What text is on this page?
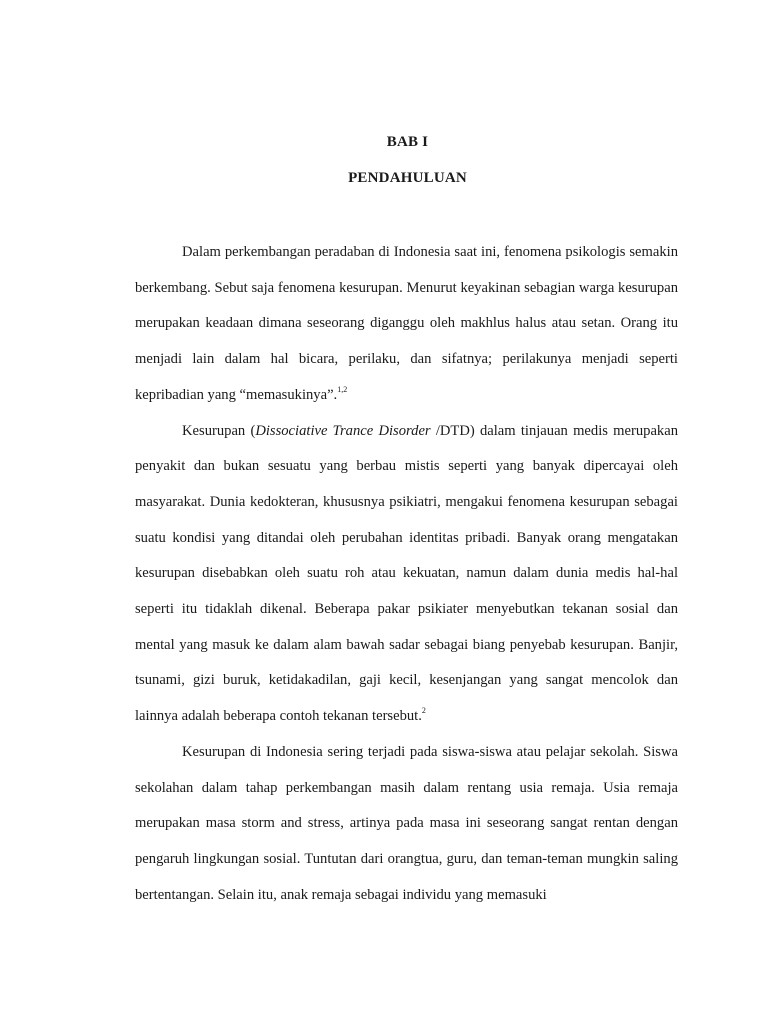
BAB I
PENDAHULUAN

Dalam perkembangan peradaban di Indonesia saat ini, fenomena psikologis semakin berkembang. Sebut saja fenomena kesurupan. Menurut keyakinan sebagian warga kesurupan merupakan keadaan dimana seseorang diganggu oleh makhlus halus atau setan. Orang itu menjadi lain dalam hal bicara, perilaku, dan sifatnya; perilakunya menjadi seperti kepribadian yang “memasukinya”.$^{1,2}$

Kesurupan (Dissociative Trance Disorder /DTD) dalam tinjauan medis merupakan penyakit dan bukan sesuatu yang berbau mistis seperti yang banyak dipercayai oleh masyarakat. Dunia kedokteran, khususnya psikiatri, mengakui fenomena kesurupan sebagai suatu kondisi yang ditandai oleh perubahan identitas pribadi. Banyak orang mengatakan kesurupan disebabkan oleh suatu roh atau kekuatan, namun dalam dunia medis hal-hal seperti itu tidaklah dikenal. Beberapa pakar psikiater menyebutkan tekanan sosial dan mental yang masuk ke dalam alam bawah sadar sebagai biang penyebab kesurupan. Banjir, tsunami, gizi buruk, ketidakadilan, gaji kecil, kesenjangan yang sangat mencolok dan lainnya adalah beberapa contoh tekanan tersebut.$^2$

Kesurupan di Indonesia sering terjadi pada siswa-siswa atau pelajar sekolah. Siswa sekolahan dalam tahap perkembangan masih dalam rentang usia remaja. Usia remaja merupakan masa storm and stress, artinya pada masa ini seseorang sangat rentan dengan pengaruh lingkungan sosial. Tuntutan dari orangtua, guru, dan teman-teman mungkin saling bertentangan. Selain itu, anak remaja sebagai individu yang memasuki
